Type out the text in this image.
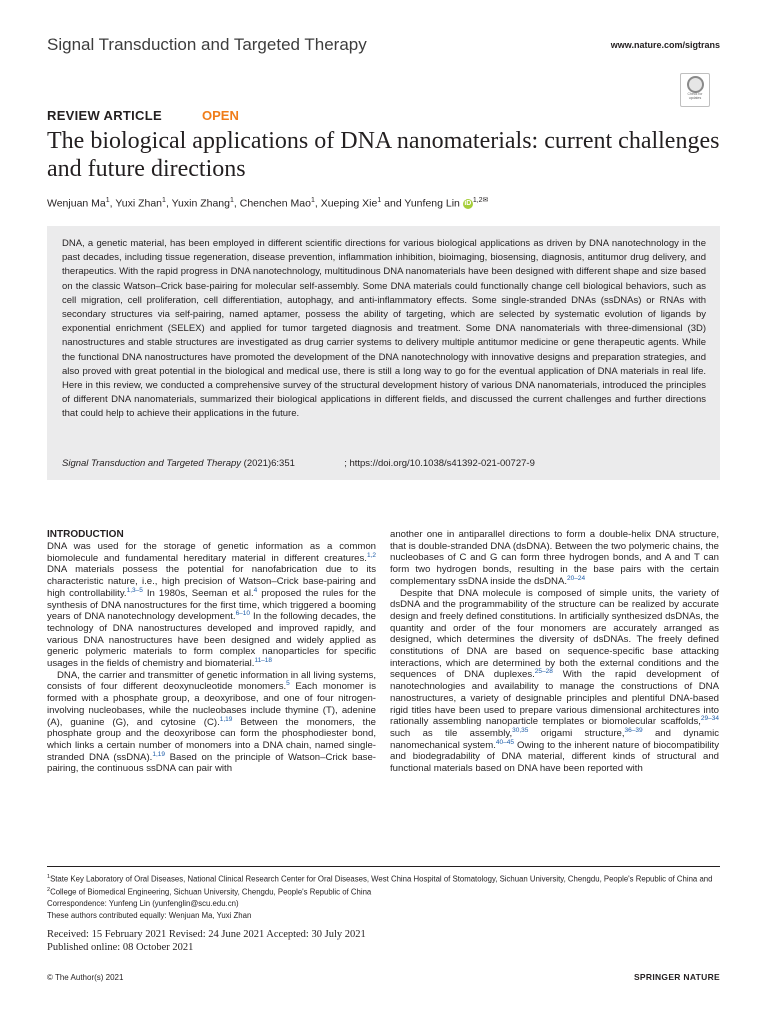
Signal Transduction and Targeted Therapy	www.nature.com/sigtrans
Check for updates
REVIEW ARTICLE	OPEN
The biological applications of DNA nanomaterials: current challenges and future directions
Wenjuan Ma$^1$, Yuxi Zhan$^1$, Yuxin Zhang$^1$, Chenchen Mao$^1$, Xueping Xie$^1$ and Yunfeng Lin iD $^{1,2✉}$
DNA, a genetic material, has been employed in different scientific directions for various biological applications as driven by DNA nanotechnology in the past decades, including tissue regeneration, disease prevention, inflammation inhibition, bioimaging, biosensing, diagnosis, antitumor drug delivery, and therapeutics. With the rapid progress in DNA nanotechnology, multitudinous DNA nanomaterials have been designed with different shape and size based on the classic Watson–Crick base-pairing for molecular self-assembly. Some DNA materials could functionally change cell biological behaviors, such as cell migration, cell proliferation, cell differentiation, autophagy, and anti-inflammatory effects. Some single-stranded DNAs (ssDNAs) or RNAs with secondary structures via self-pairing, named aptamer, possess the ability of targeting, which are selected by systematic evolution of ligands by exponential enrichment (SELEX) and applied for tumor targeted diagnosis and treatment. Some DNA nanomaterials with three-dimensional (3D) nanostructures and stable structures are investigated as drug carrier systems to delivery multiple antitumor medicine or gene therapeutic agents. While the functional DNA nanostructures have promoted the development of the DNA nanotechnology with innovative designs and preparation strategies, and also proved with great potential in the biological and medical use, there is still a long way to go for the eventual application of DNA materials in real life. Here in this review, we conducted a comprehensive survey of the structural development history of various DNA nanomaterials, introduced the principles of different DNA nanomaterials, summarized their biological applications in different fields, and discussed the current challenges and further directions that could help to achieve their applications in the future.
Signal Transduction and Targeted Therapy (2021)6:351	; https://doi.org/10.1038/s41392-021-00727-9
INTRODUCTION

DNA was used for the storage of genetic information as a common biomolecule and fundamental hereditary material in different creatures.$^{1,2}$ DNA materials possess the potential for nanofabrication due to its characteristic nature, i.e., high precision of Watson–Crick base-pairing and high controllability.$^{1,3-5}$ In 1980s, Seeman et al.$^4$ proposed the rules for the synthesis of DNA nanostructures for the first time, which triggered a booming years of DNA nanotechnology development.$^{6-10}$ In the following decades, the technology of DNA nanostructures developed and improved rapidly, and various DNA nanostructures have been designed and widely applied as generic polymeric materials to form complex nanoparticles for specific usages in the fields of chemistry and biomaterial.$^{11-18}$

DNA, the carrier and transmitter of genetic information in all living systems, consists of four different deoxynucleotide monomers.$^5$ Each monomer is formed with a phosphate group, a deoxyribose, and one of four nitrogen-involving nucleobases, while the nucleobases include thymine (T), adenine (A), guanine (G), and cytosine (C).$^{1,19}$ Between the monomers, the phosphate group and the deoxyribose can form the phosphodiester bond, which links a certain number of monomers into a DNA chain, named single-stranded DNA (ssDNA).$^{1,19}$ Based on the principle of Watson–Crick base-pairing, the continuous ssDNA can pair with

another one in antiparallel directions to form a double-helix DNA structure, that is double-stranded DNA (dsDNA). Between the two polymeric chains, the nucleobases of C and G can form three hydrogen bonds, and A and T can form two hydrogen bonds, resulting in the base pairs with the certain complementary ssDNA inside the dsDNA.$^{20-24}$

Despite that DNA molecule is composed of simple units, the variety of dsDNA and the programmability of the structure can be realized by accurate design and freely defined constitutions. In artificially synthesized dsDNAs, the quantity and order of the four monomers are accurately arranged as designed, which determines the diversity of dsDNAs. The freely defined constitutions of DNA are based on sequence-specific base attacking interactions, which are determined by both the external conditions and the sequences of DNA duplexes.$^{25-28}$ With the rapid development of nanotechnologies and availability to manage the constructions of DNA nanostructures, a variety of designable principles and plentiful DNA-based rigid titles have been used to prepare various dimensional architectures into rationally assembling nanoparticle templates or biomolecular scaffolds,$^{29-34}$ such as tile assembly,$^{30,35}$ origami structure,$^{36-39}$ and dynamic nanomechanical system.$^{40-45}$ Owing to the inherent nature of biocompatibility and biodegradability of DNA material, different kinds of structural and functional materials based on DNA have been reported with

$^1$State Key Laboratory of Oral Diseases, National Clinical Research Center for Oral Diseases, West China Hospital of Stomatology, Sichuan University, Chengdu, People's Republic of China and $^2$College of Biomedical Engineering, Sichuan University, Chengdu, People's Republic of China
Correspondence: Yunfeng Lin (yunfenglin@scu.edu.cn)
These authors contributed equally: Wenjuan Ma, Yuxi Zhan
Received: 15 February 2021 Revised: 24 June 2021 Accepted: 30 July 2021
Published online: 08 October 2021
© The Author(s) 2021	SPRINGER NATURE
